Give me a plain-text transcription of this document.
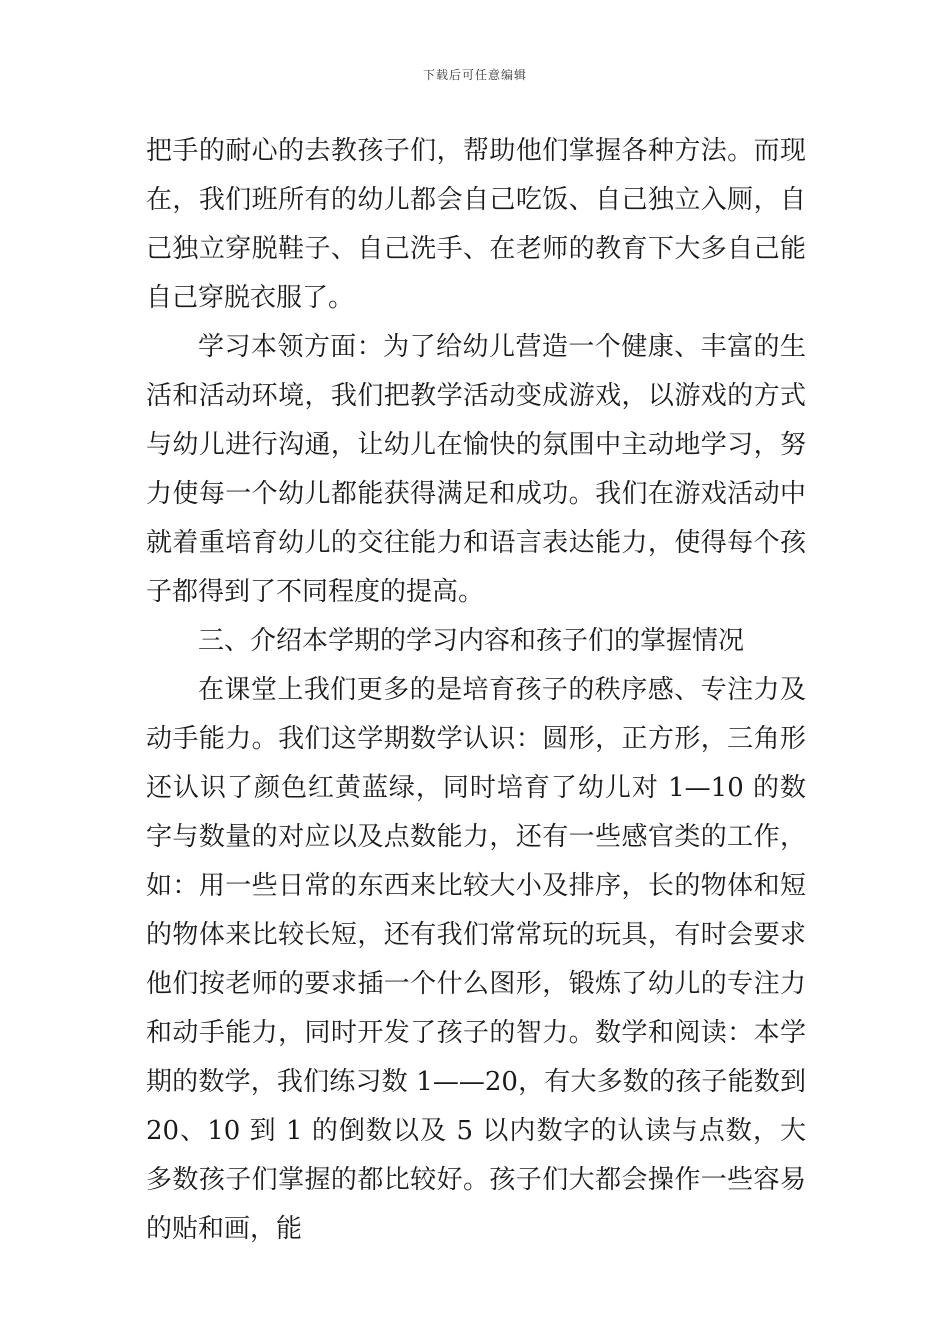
下载后可任意编辑

把手的耐心的去教孩子们，帮助他们掌握各种方法。而现在，我们班所有的幼儿都会自己吃饭、自己独立入厕，自己独立穿脱鞋子、自己洗手、在老师的教育下大多自己能自己穿脱衣服了。

学习本领方面：为了给幼儿营造一个健康、丰富的生活和活动环境，我们把教学活动变成游戏，以游戏的方式与幼儿进行沟通，让幼儿在愉快的氛围中主动地学习，努力使每一个幼儿都能获得满足和成功。我们在游戏活动中就着重培育幼儿的交往能力和语言表达能力，使得每个孩子都得到了不同程度的提高。

三、介绍本学期的学习内容和孩子们的掌握情况

在课堂上我们更多的是培育孩子的秩序感、专注力及动手能力。我们这学期数学认识：圆形，正方形，三角形还认识了颜色红黄蓝绿，同时培育了幼儿对 1—10 的数字与数量的对应以及点数能力，还有一些感官类的工作，如：用一些日常的东西来比较大小及排序，长的物体和短的物体来比较长短，还有我们常常玩的玩具，有时会要求他们按老师的要求插一个什么图形，锻炼了幼儿的专注力和动手能力，同时开发了孩子的智力。数学和阅读：本学期的数学，我们练习数 1——20，有大多数的孩子能数到 20、10 到 1 的倒数以及 5 以内数字的认读与点数，大多数孩子们掌握的都比较好。孩子们大都会操作一些容易的贴和画，能
